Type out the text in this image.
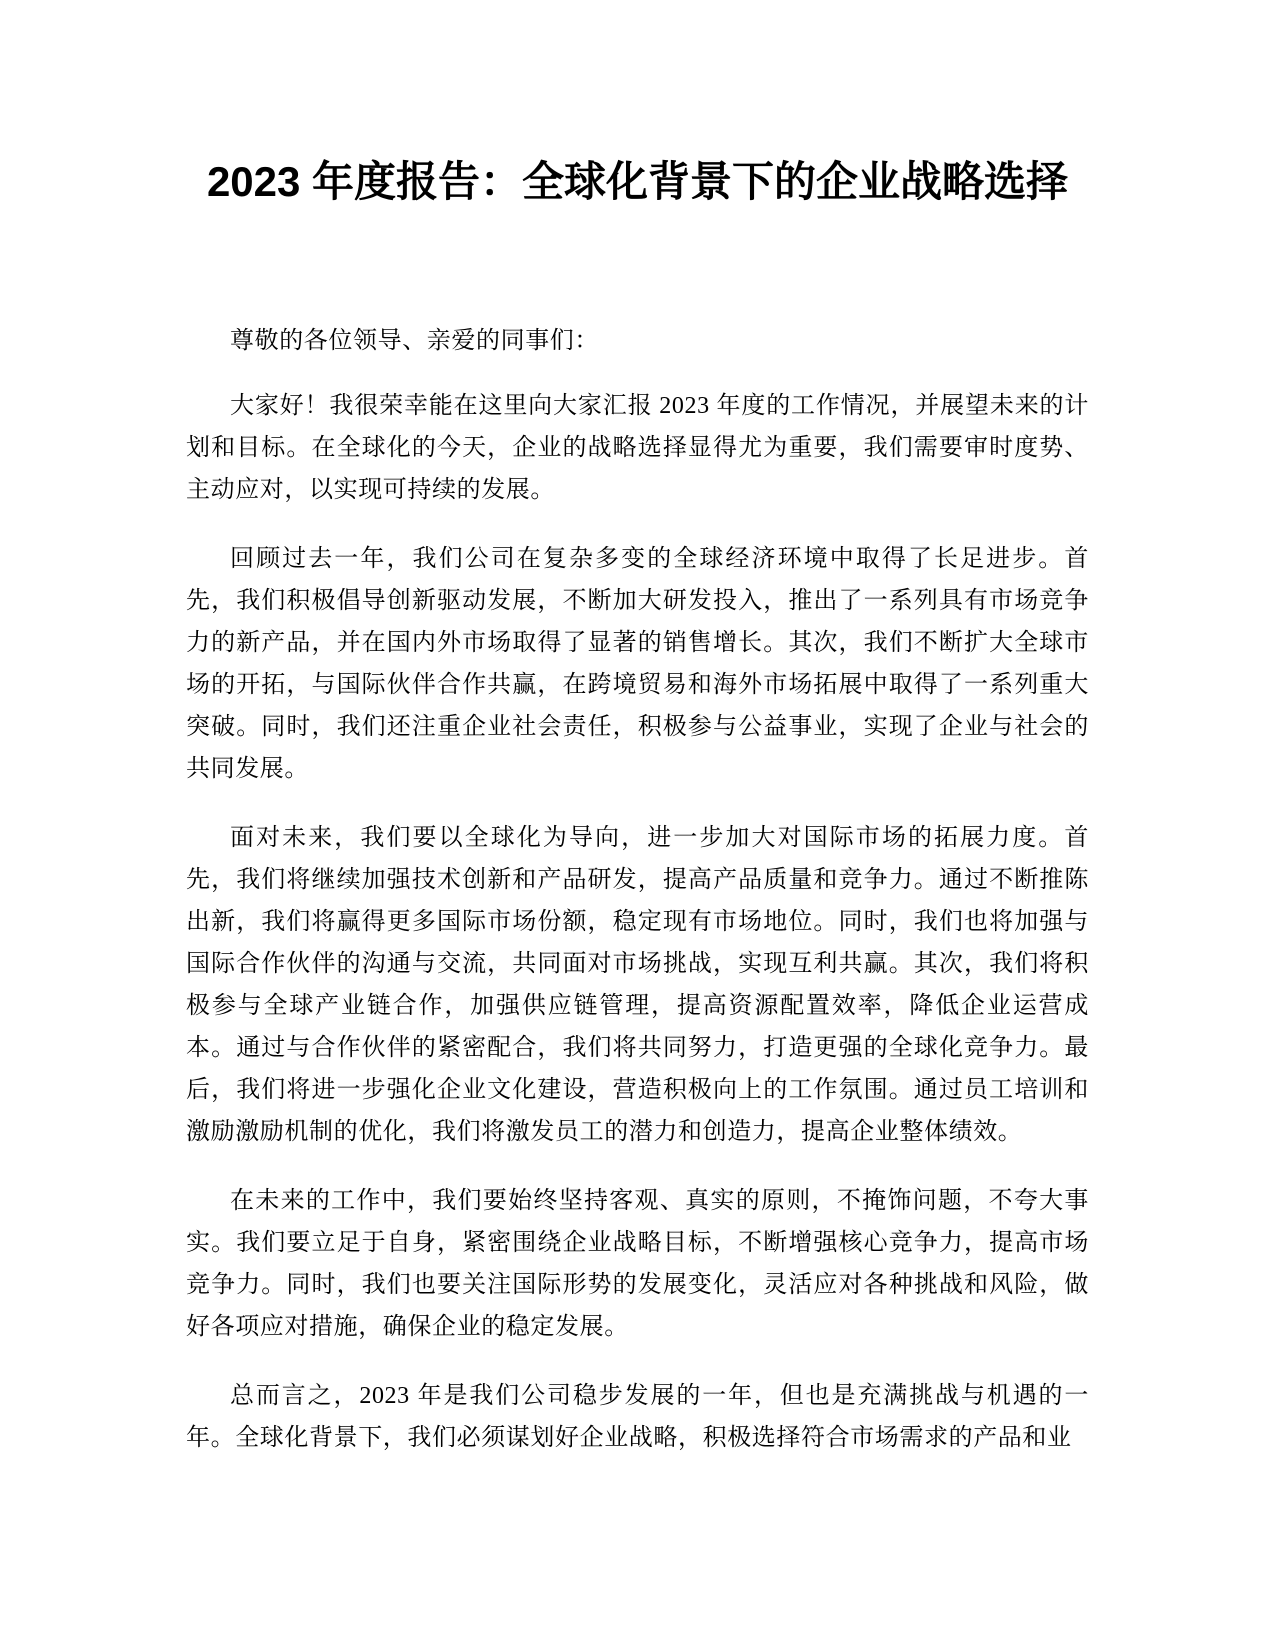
2023 年度报告：全球化背景下的企业战略选择

尊敬的各位领导、亲爱的同事们：

大家好！我很荣幸能在这里向大家汇报 2023 年度的工作情况，并展望未来的计划和目标。在全球化的今天，企业的战略选择显得尤为重要，我们需要审时度势、主动应对，以实现可持续的发展。

回顾过去一年，我们公司在复杂多变的全球经济环境中取得了长足进步。首先，我们积极倡导创新驱动发展，不断加大研发投入，推出了一系列具有市场竞争力的新产品，并在国内外市场取得了显著的销售增长。其次，我们不断扩大全球市场的开拓，与国际伙伴合作共赢，在跨境贸易和海外市场拓展中取得了一系列重大突破。同时，我们还注重企业社会责任，积极参与公益事业，实现了企业与社会的共同发展。

面对未来，我们要以全球化为导向，进一步加大对国际市场的拓展力度。首先，我们将继续加强技术创新和产品研发，提高产品质量和竞争力。通过不断推陈出新，我们将赢得更多国际市场份额，稳定现有市场地位。同时，我们也将加强与国际合作伙伴的沟通与交流，共同面对市场挑战，实现互利共赢。其次，我们将积极参与全球产业链合作，加强供应链管理，提高资源配置效率，降低企业运营成本。通过与合作伙伴的紧密配合，我们将共同努力，打造更强的全球化竞争力。最后，我们将进一步强化企业文化建设，营造积极向上的工作氛围。通过员工培训和激励激励机制的优化，我们将激发员工的潜力和创造力，提高企业整体绩效。

在未来的工作中，我们要始终坚持客观、真实的原则，不掩饰问题，不夸大事实。我们要立足于自身，紧密围绕企业战略目标，不断增强核心竞争力，提高市场竞争力。同时，我们也要关注国际形势的发展变化，灵活应对各种挑战和风险，做好各项应对措施，确保企业的稳定发展。

总而言之，2023 年是我们公司稳步发展的一年，但也是充满挑战与机遇的一年。全球化背景下，我们必须谋划好企业战略，积极选择符合市场需求的产品和业
